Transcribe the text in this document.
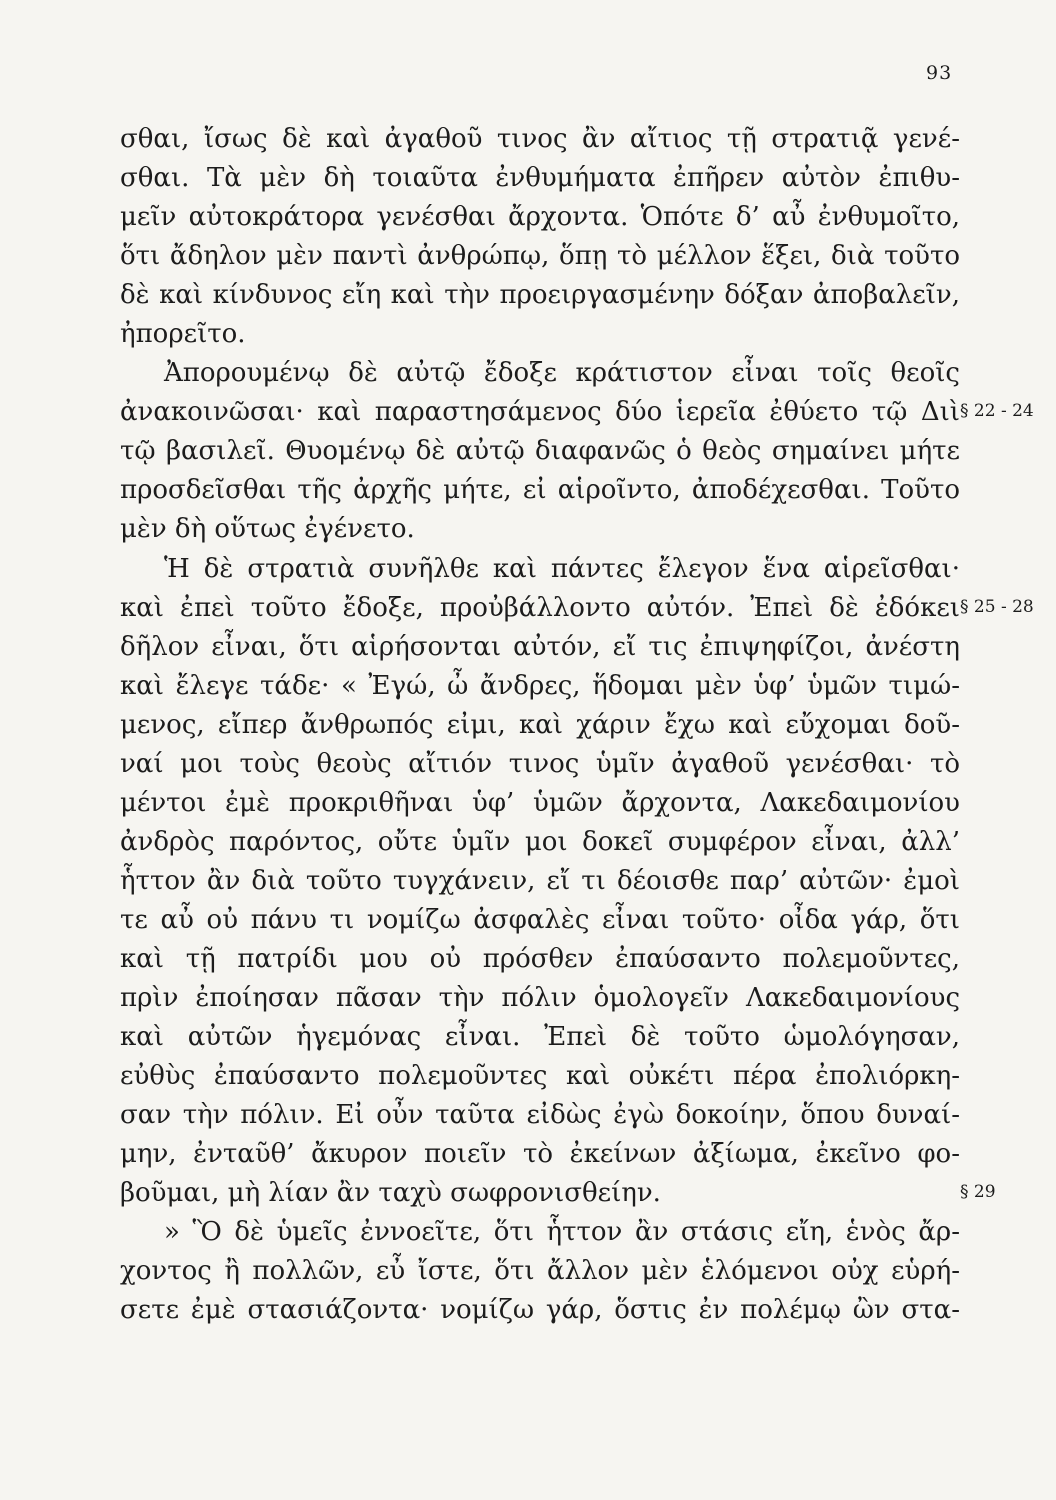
93
σθαι, ἴσως δὲ καὶ ἀγαθοῦ τινος ἂν αἴτιος τῇ στρατιᾷ γενέ-
σθαι. Τὰ μὲν δὴ τοιαῦτα ἐνθυμήματα ἐπῆρεν αὐτὸν ἐπιθυ-
μεῖν αὐτοκράτορα γενέσθαι ἄρχοντα. Ὁπότε δ’ αὖ ἐνθυμοῖτο,
ὅτι ἄδηλον μὲν παντὶ ἀνθρώπῳ, ὅπῃ τὸ μέλλον ἕξει, διὰ τοῦτο
δὲ καὶ κίνδυνος εἴη καὶ τὴν προειργασμένην δόξαν ἀποβαλεῖν,
ἠπορεῖτο.
Ἀπορουμένῳ δὲ αὐτῷ ἔδοξε κράτιστον εἶναι τοῖς θεοῖς
ἀνακοινῶσαι· καὶ παραστησάμενος δύο ἱερεῖα ἐθύετο τῷ Διὶ
τῷ βασιλεῖ. Θυομένῳ δὲ αὐτῷ διαφανῶς ὁ θεὸς σημαίνει μήτε
προσδεῖσθαι τῆς ἀρχῆς μήτε, εἰ αἱροῖντο, ἀποδέχεσθαι. Τοῦτο
μὲν δὴ οὕτως ἐγένετο.
Ἡ δὲ στρατιὰ συνῆλθε καὶ πάντες ἔλεγον ἕνα αἱρεῖσθαι·
καὶ ἐπεὶ τοῦτο ἔδοξε, προὐβάλλοντο αὐτόν. Ἐπεὶ δὲ ἐδόκει
δῆλον εἶναι, ὅτι αἱρήσονται αὐτόν, εἴ τις ἐπιψηφίζοι, ἀνέστη
καὶ ἔλεγε τάδε· « Ἐγώ, ὦ ἄνδρες, ἥδομαι μὲν ὑφ’ ὑμῶν τιμώ-
μενος, εἴπερ ἄνθρωπός εἰμι, καὶ χάριν ἔχω καὶ εὔχομαι δοῦ-
ναί μοι τοὺς θεοὺς αἴτιόν τινος ὑμῖν ἀγαθοῦ γενέσθαι· τὸ
μέντοι ἐμὲ προκριθῆναι ὑφ’ ὑμῶν ἄρχοντα, Λακεδαιμονίου
ἀνδρὸς παρόντος, οὔτε ὑμῖν μοι δοκεῖ συμφέρον εἶναι, ἀλλ’
ἧττον ἂν διὰ τοῦτο τυγχάνειν, εἴ τι δέοισθε παρ’ αὐτῶν· ἐμοὶ
τε αὖ οὐ πάνυ τι νομίζω ἀσφαλὲς εἶναι τοῦτο· οἶδα γάρ, ὅτι
καὶ τῇ πατρίδι μου οὐ πρόσθεν ἐπαύσαντο πολεμοῦντες,
πρὶν ἐποίησαν πᾶσαν τὴν πόλιν ὁμολογεῖν Λακεδαιμονίους
καὶ αὐτῶν ἡγεμόνας εἶναι. Ἐπεὶ δὲ τοῦτο ὡμολόγησαν,
εὐθὺς ἐπαύσαντο πολεμοῦντες καὶ οὐκέτι πέρα ἐπολιόρκη-
σαν τὴν πόλιν. Εἰ οὖν ταῦτα εἰδὼς ἐγὼ δοκοίην, ὅπου δυναί-
μην, ἐνταῦθ’ ἄκυρον ποιεῖν τὸ ἐκείνων ἀξίωμα, ἐκεῖνο φο-
βοῦμαι, μὴ λίαν ἂν ταχὺ σωφρονισθείην.
» Ὃ δὲ ὑμεῖς ἐννοεῖτε, ὅτι ἧττον ἂν στάσις εἴη, ἑνὸς ἄρ-
χοντος ἢ πολλῶν, εὖ ἴστε, ὅτι ἄλλον μὲν ἑλόμενοι οὐχ εὑρή-
σετε ἐμὲ στασιάζοντα· νομίζω γάρ, ὅστις ἐν πολέμῳ ὢν στα-
§ 22 - 24
§ 25 - 28
§ 29
